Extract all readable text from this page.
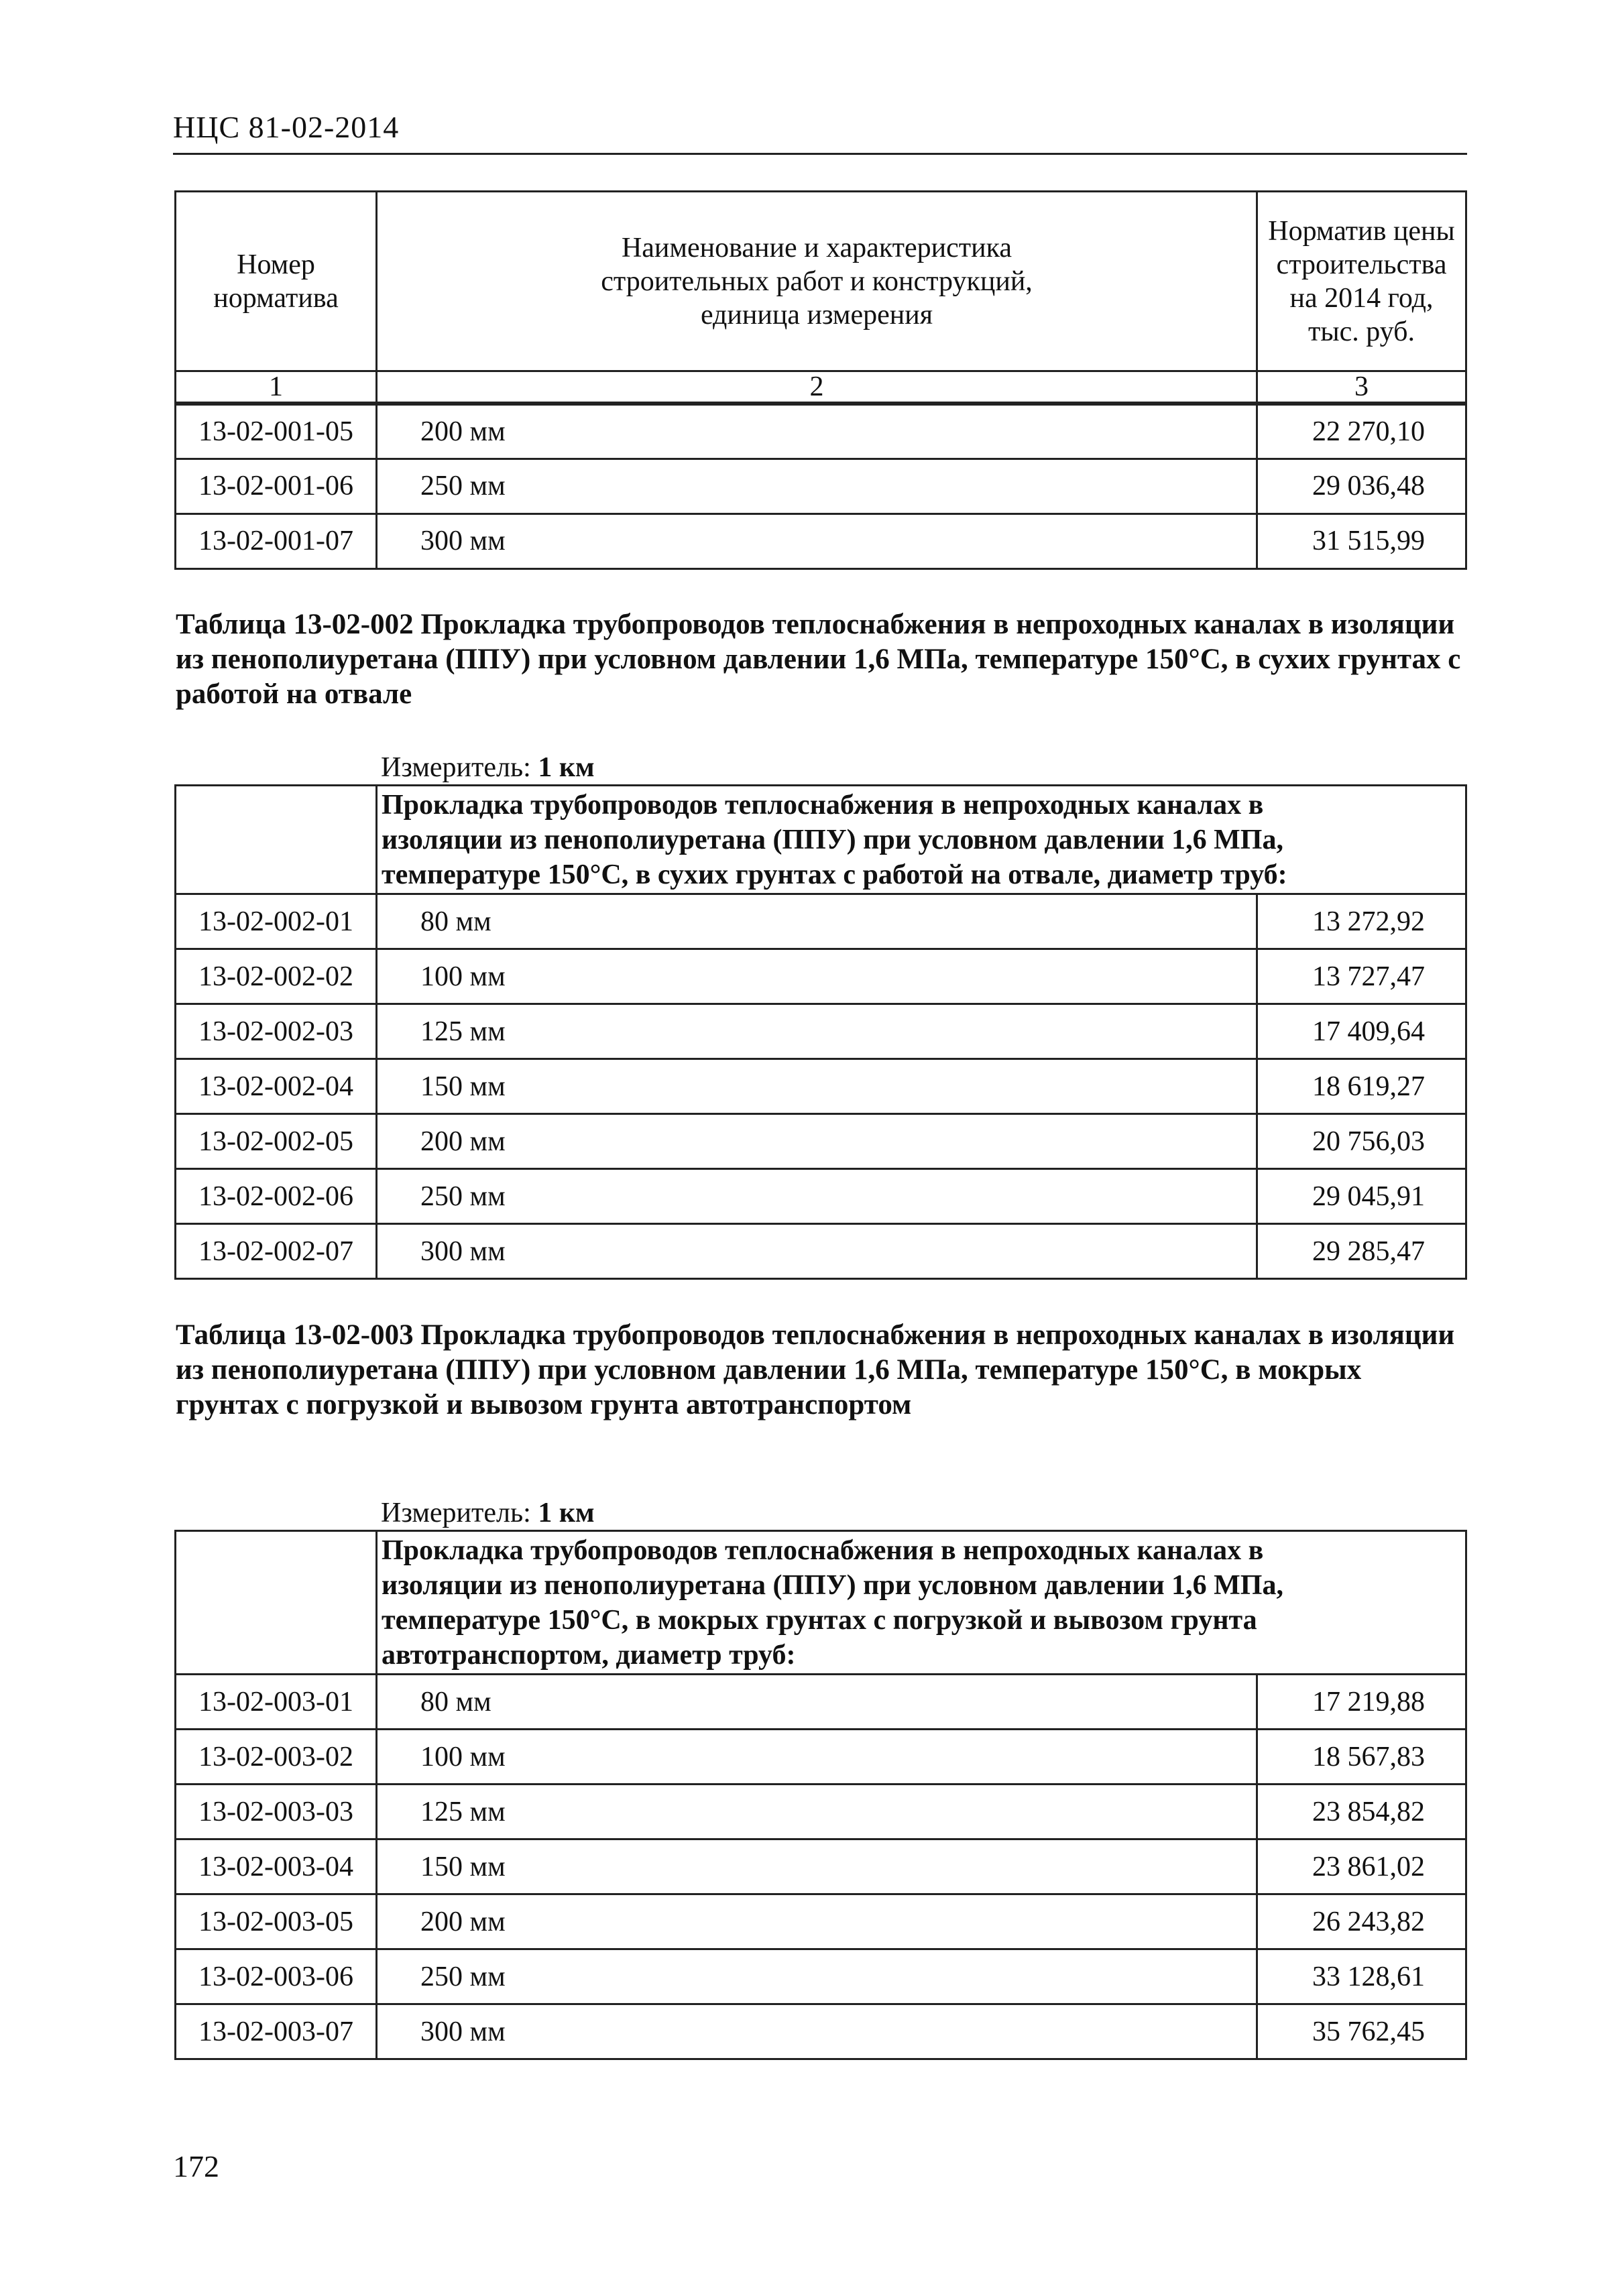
НЦС 81-02-2014
Номер норматива	Наименование и характеристика строительных работ и конструкций, единица измерения	Норматив цены строительства на 2014 год, тыс. руб.
1	2	3
13-02-001-05	200 мм	22 270,10
13-02-001-06	250 мм	29 036,48
13-02-001-07	300 мм	31 515,99
Таблица 13-02-002 Прокладка трубопроводов теплоснабжения в непроходных каналах в изоляции из пенополиуретана (ППУ) при условном давлении 1,6 МПа, температуре 150°С, в сухих грунтах с работой на отвале
Измеритель: 1 км
	Прокладка трубопроводов теплоснабжения в непроходных каналах в изоляции из пенополиуретана (ППУ) при условном давлении 1,6 МПа, температуре 150°С, в сухих грунтах с работой на отвале, диаметр труб:	
13-02-002-01	80 мм	13 272,92
13-02-002-02	100 мм	13 727,47
13-02-002-03	125 мм	17 409,64
13-02-002-04	150 мм	18 619,27
13-02-002-05	200 мм	20 756,03
13-02-002-06	250 мм	29 045,91
13-02-002-07	300 мм	29 285,47
Таблица 13-02-003 Прокладка трубопроводов теплоснабжения в непроходных каналах в изоляции из пенополиуретана (ППУ) при условном давлении 1,6 МПа, температуре 150°С, в мокрых грунтах с погрузкой и вывозом грунта автотранспортом
Измеритель: 1 км
	Прокладка трубопроводов теплоснабжения в непроходных каналах в изоляции из пенополиуретана (ППУ) при условном давлении 1,6 МПа, температуре 150°С, в мокрых грунтах с погрузкой и вывозом грунта автотранспортом, диаметр труб:	
13-02-003-01	80 мм	17 219,88
13-02-003-02	100 мм	18 567,83
13-02-003-03	125 мм	23 854,82
13-02-003-04	150 мм	23 861,02
13-02-003-05	200 мм	26 243,82
13-02-003-06	250 мм	33 128,61
13-02-003-07	300 мм	35 762,45
172
